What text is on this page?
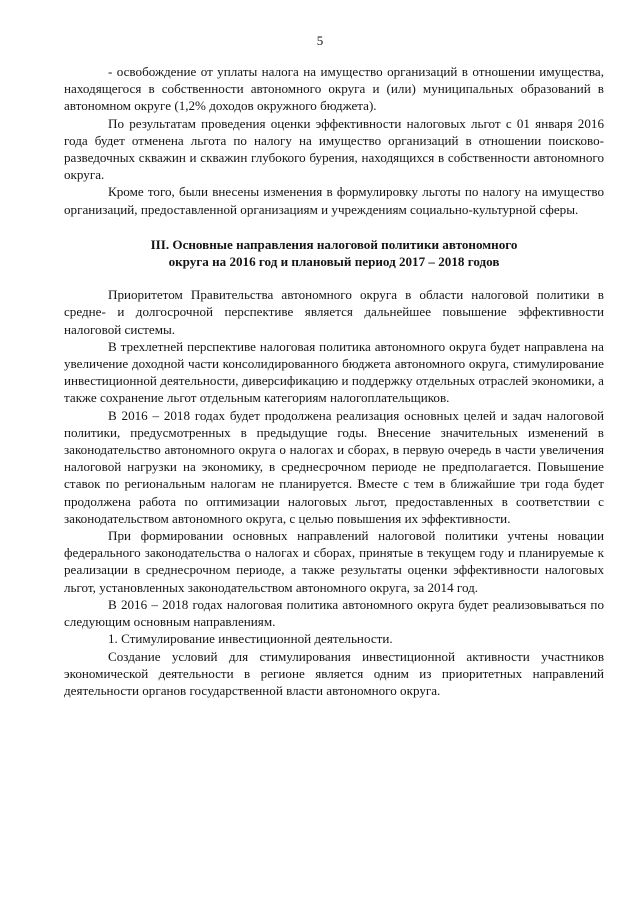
5

- освобождение от уплаты налога на имущество организаций в отношении имущества, находящегося в собственности автономного округа и (или) муниципальных образований в автономном округе (1,2% доходов окружного бюджета).

По результатам проведения оценки эффективности налоговых льгот с 01 января 2016 года будет отменена льгота по налогу на имущество организаций в отношении поисково-разведочных скважин и скважин глубокого бурения, находящихся в собственности автономного округа.

Кроме того, были внесены изменения в формулировку льготы по налогу на имущество организаций, предоставленной организациям и учреждениям социально-культурной сферы.

III. Основные направления налоговой политики автономного
округа на 2016 год и плановый период 2017 – 2018 годов

Приоритетом Правительства автономного округа в области налоговой политики в средне- и долгосрочной перспективе является дальнейшее повышение эффективности налоговой системы.

В трехлетней перспективе налоговая политика автономного округа будет направлена на увеличение доходной части консолидированного бюджета автономного округа, стимулирование инвестиционной деятельности, диверсификацию и поддержку отдельных отраслей экономики, а также сохранение льгот отдельным категориям налогоплательщиков.

В 2016 – 2018 годах будет продолжена реализация основных целей и задач налоговой политики, предусмотренных в предыдущие годы. Внесение значительных изменений в законодательство автономного округа о налогах и сборах, в первую очередь в части увеличения налоговой нагрузки на экономику, в среднесрочном периоде не предполагается. Повышение ставок по региональным налогам не планируется. Вместе с тем в ближайшие три года будет продолжена работа по оптимизации налоговых льгот, предоставленных в соответствии с законодательством автономного округа, с целью повышения их эффективности.

При формировании основных направлений налоговой политики учтены новации федерального законодательства о налогах и сборах, принятые в текущем году и планируемые к реализации в среднесрочном периоде, а также результаты оценки эффективности налоговых льгот, установленных законодательством автономного округа, за 2014 год.

В 2016 – 2018 годах налоговая политика автономного округа будет реализовываться по следующим основным направлениям.

1. Стимулирование инвестиционной деятельности.

Создание условий для стимулирования инвестиционной активности участников экономической деятельности в регионе является одним из приоритетных направлений деятельности органов государственной власти автономного округа.
